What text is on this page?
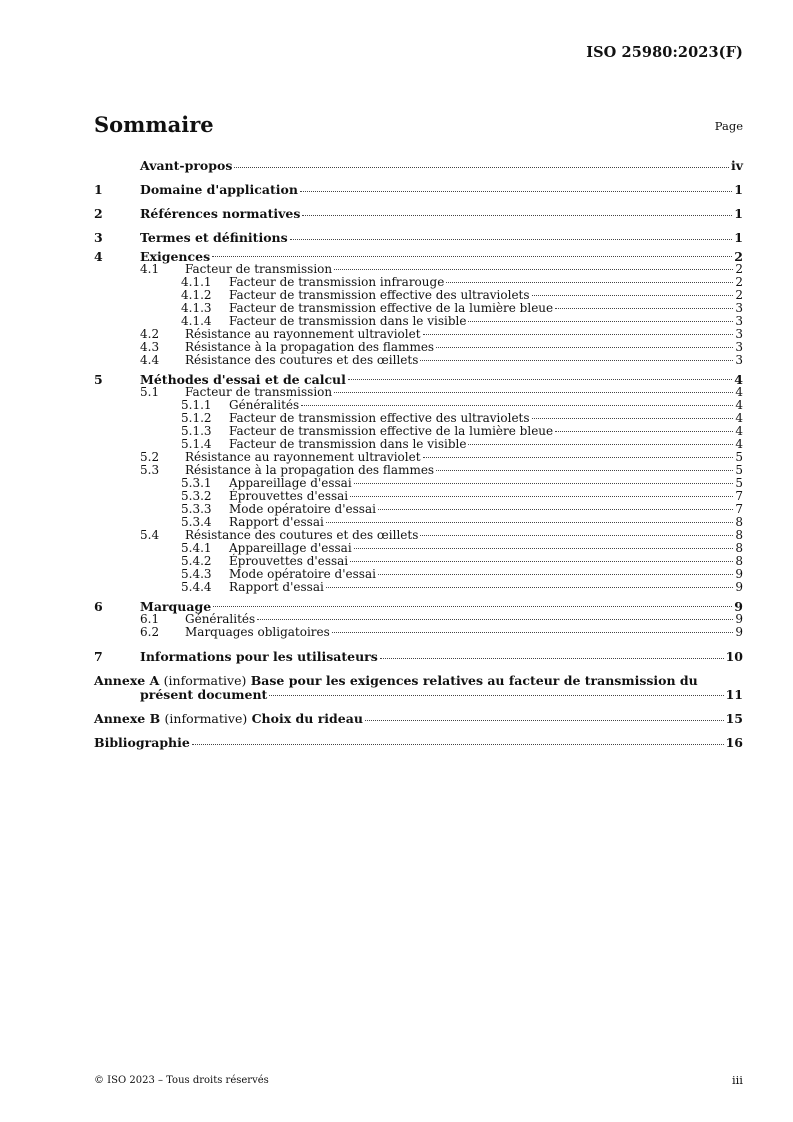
ISO 25980:2023(F)
Sommaire	Page
Avant-propos	iv
1	Domaine d'application	1
2	Références normatives	1
3	Termes et définitions	1
4	Exigences	2
4.1 Facteur de transmission	2
4.1.1 Facteur de transmission infrarouge	2
4.1.2 Facteur de transmission effective des ultraviolets	2
4.1.3 Facteur de transmission effective de la lumière bleue	3
4.1.4 Facteur de transmission dans le visible	3
4.2 Résistance au rayonnement ultraviolet	3
4.3 Résistance à la propagation des flammes	3
4.4 Résistance des coutures et des œillets	3
5	Méthodes d'essai et de calcul	4
5.1 Facteur de transmission	4
5.1.1 Généralités	4
5.1.2 Facteur de transmission effective des ultraviolets	4
5.1.3 Facteur de transmission effective de la lumière bleue	4
5.1.4 Facteur de transmission dans le visible	4
5.2 Résistance au rayonnement ultraviolet	5
5.3 Résistance à la propagation des flammes	5
5.3.1 Appareillage d'essai	5
5.3.2 Éprouvettes d'essai	7
5.3.3 Mode opératoire d'essai	7
5.3.4 Rapport d'essai	8
5.4 Résistance des coutures et des œillets	8
5.4.1 Appareillage d'essai	8
5.4.2 Éprouvettes d'essai	8
5.4.3 Mode opératoire d'essai	9
5.4.4 Rapport d'essai	9
6	Marquage	9
6.1 Généralités	9
6.2 Marquages obligatoires	9
7	Informations pour les utilisateurs	10
Annexe A (informative) Base pour les exigences relatives au facteur de transmission du
présent document	11
Annexe B (informative) Choix du rideau	15
Bibliographie	16
© ISO 2023 – Tous droits réservés	iii
